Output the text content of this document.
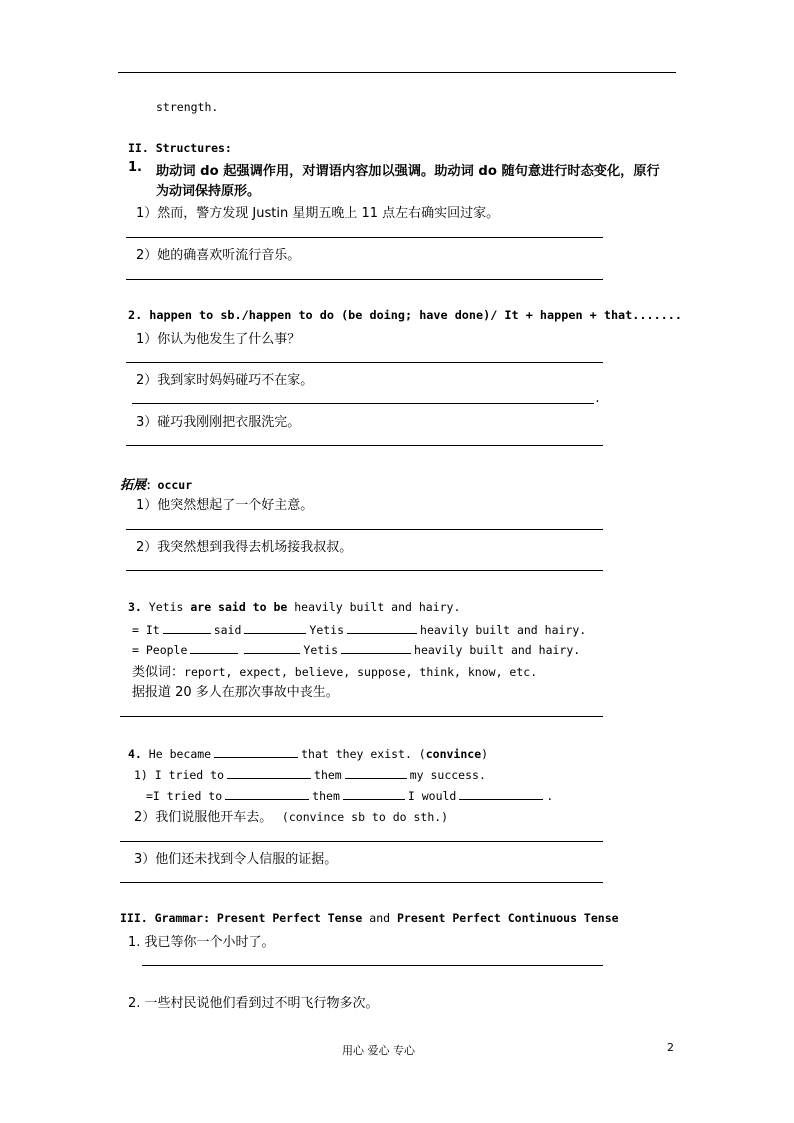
strength.
II. Structures:
1. 助动词 do 起强调作用，对谓语内容加以强调。助动词 do 随句意进行时态变化，原行
为动词保持原形。
1）然而，警方发现 Justin 星期五晚上 11 点左右确实回过家。
2）她的确喜欢听流行音乐。
2. happen to sb./happen to do (be doing; have done)/ It + happen + that.......
1）你认为他发生了什么事？
2）我到家时妈妈碰巧不在家。
.
3）碰巧我刚刚把衣服洗完。
拓展：occur
1）他突然想起了一个好主意。
2）我突然想到我得去机场接我叔叔。
3. Yetis are said to be heavily built and hairy.
= It	said	Yetis	heavily built and hairy.
= People	Yetis	heavily built and hairy.
类似词：report, expect, believe, suppose, think, know, etc.
据报道 20 多人在那次事故中丧生。
4. He became	that they exist. (convince)
1) I tried to	them	my success.
=I tried to	them	I would	.
2）我们说服他开车去。 (convince sb to do sth.)
3）他们还未找到令人信服的证据。
III. Grammar: Present Perfect Tense and Present Perfect Continuous Tense
1. 我已等你一个小时了。
2. 一些村民说他们看到过不明飞行物多次。
用心 爱心 专心	2
